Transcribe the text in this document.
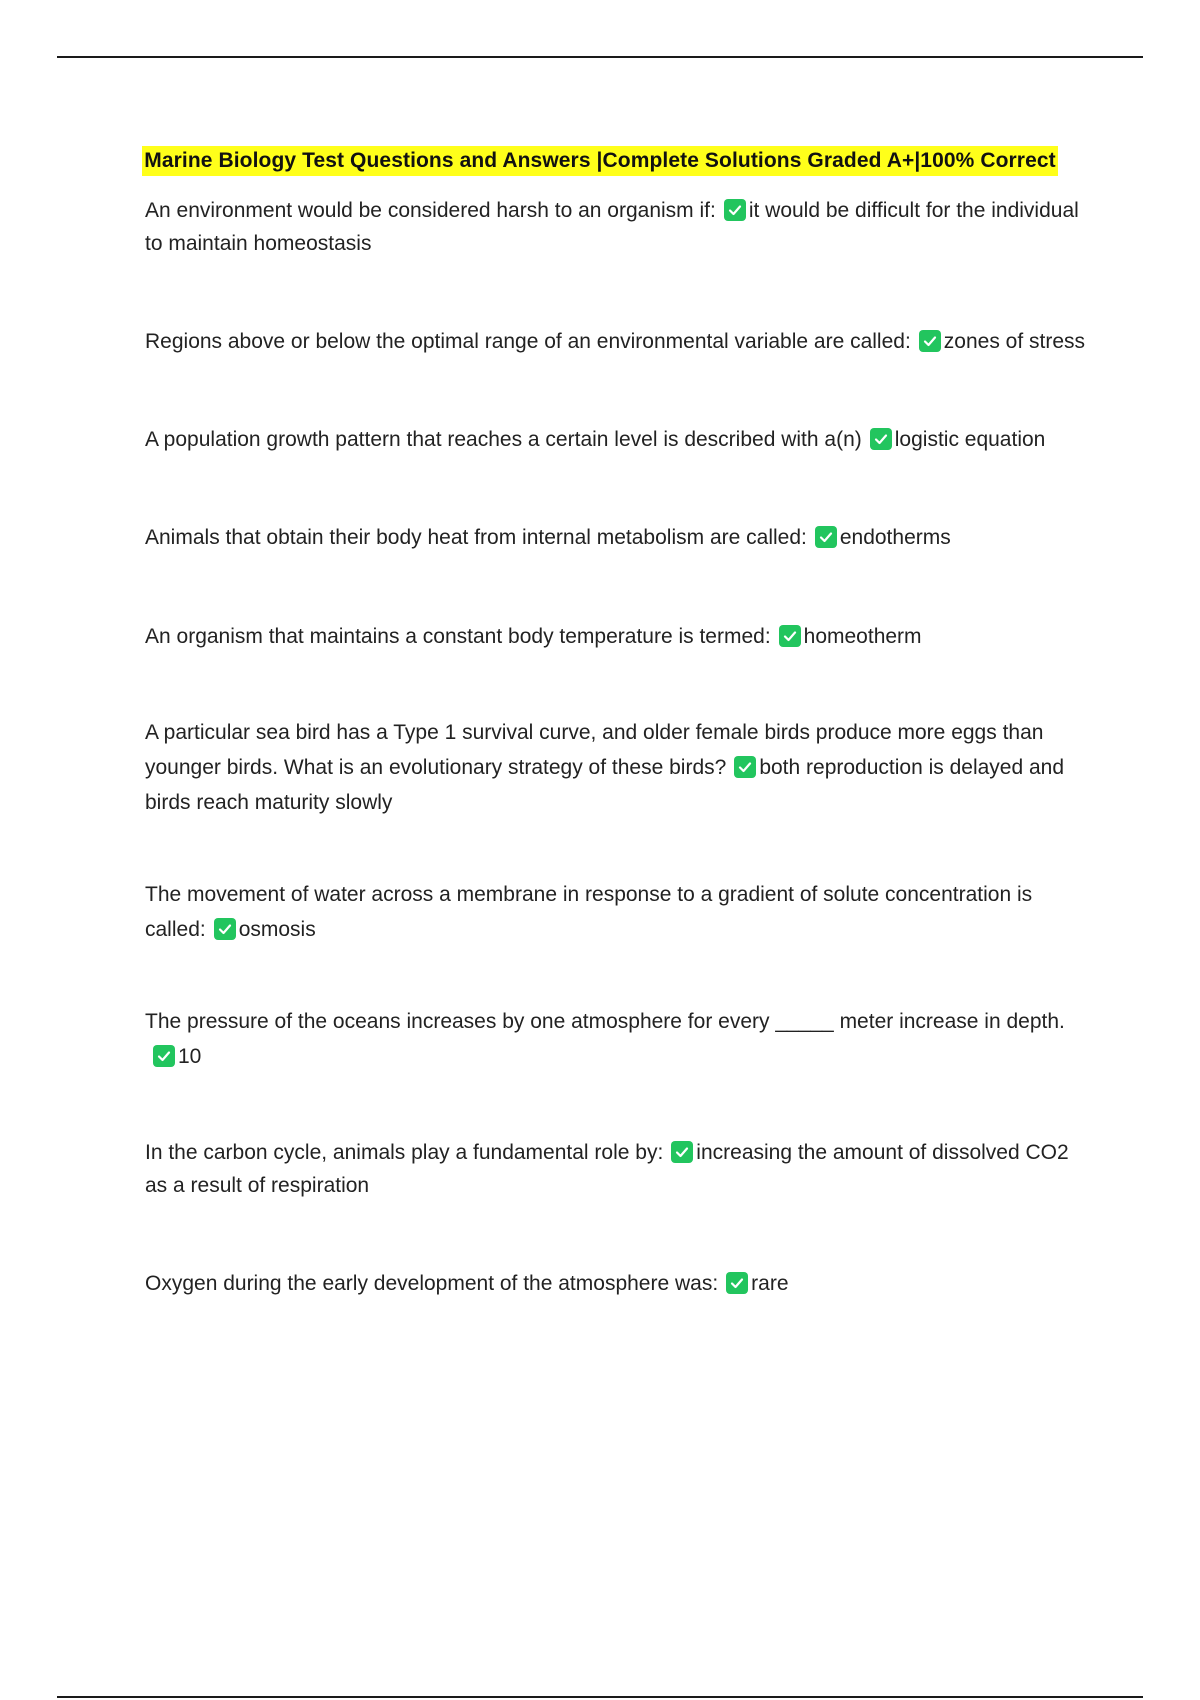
Marine Biology Test Questions and Answers |Complete Solutions Graded A+|100% Correct

An environment would be considered harsh to an organism if: it would be difficult for the individual to maintain homeostasis

Regions above or below the optimal range of an environmental variable are called: zones of stress

A population growth pattern that reaches a certain level is described with a(n) logistic equation

Animals that obtain their body heat from internal metabolism are called: endotherms

An organism that maintains a constant body temperature is termed: homeotherm

A particular sea bird has a Type 1 survival curve, and older female birds produce more eggs than younger birds. What is an evolutionary strategy of these birds? both reproduction is delayed and birds reach maturity slowly

The movement of water across a membrane in response to a gradient of solute concentration is called: osmosis

The pressure of the oceans increases by one atmosphere for every _____ meter increase in depth.
10

In the carbon cycle, animals play a fundamental role by: increasing the amount of dissolved CO2 as a result of respiration

Oxygen during the early development of the atmosphere was: rare
